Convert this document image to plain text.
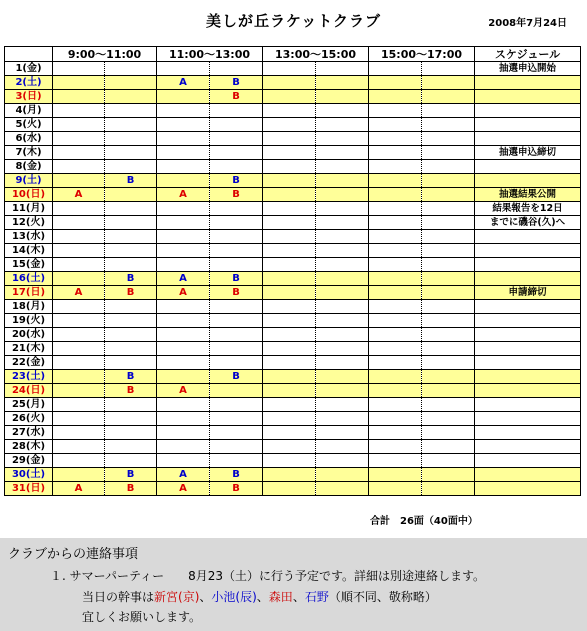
美しが丘ラケットクラブ	2008年7月24日
	9:00〜11:00		11:00〜13:00		13:00〜15:00		15:00〜17:00		スケジュール
1(金)									抽選申込開始
2(土)			A	B					
3(日)				B					
4(月)									
5(火)									
6(水)									
7(木)									抽選申込締切
8(金)									
9(土)		B		B					
10(日)	A		A	B					抽選結果公開
11(月)									結果報告を12日
12(火)									までに磯谷(久)へ
13(水)									
14(木)									
15(金)									
16(土)		B	A	B					
17(日)	A	B	A	B					申請締切
18(月)									
19(火)									
20(水)									
21(木)									
22(金)									
23(土)		B		B					
24(日)		B	A						
25(月)									
26(火)									
27(水)									
28(木)									
29(金)									
30(土)		B	A	B					
31(日)	A	B	A	B					
合計　26面（40面中）
クラブからの連絡事項
１. サマーパーティー　　8月23（土）に行う予定です。詳細は別途連絡します。
当日の幹事は新宮(京)、小池(辰)、森田、石野（順不同、敬称略）
宜しくお願いします。
